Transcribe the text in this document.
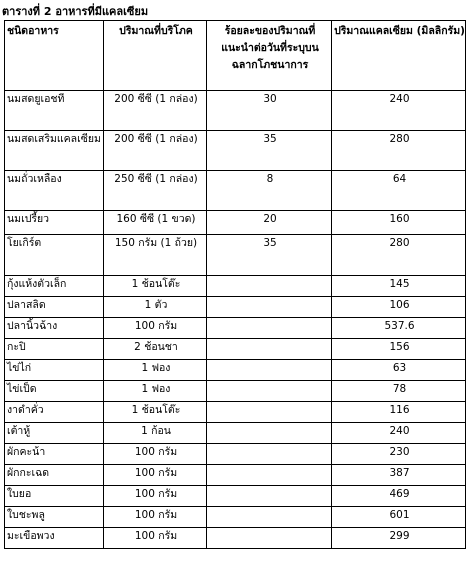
ตารางที่ 2 อาหารที่มีแคลเซียม
ชนิดอาหาร	ปริมาณที่บริโภค	ร้อยละของปริมาณที่แนะนำต่อวันที่ระบุบนฉลากโภชนาการ	ปริมาณแคลเซียม (มิลลิกรัม)
นมสดยูเอชที	200 ซีซี (1 กล่อง)	30	240
นมสดเสริมแคลเซียม	200 ซีซี (1 กล่อง)	35	280
นมถั่วเหลือง	250 ซีซี (1 กล่อง)	8	64
นมเปรี้ยว	160 ซีซี (1 ขวด)	20	160
โยเกิร์ต	150 กรัม (1 ถ้วย)	35	280
กุ้งแห้งตัวเล็ก	1 ช้อนโต๊ะ		145
ปลาสลิด	1 ตัว		106
ปลานิ้วฉ้าง	100 กรัม		537.6
กะปิ	2 ช้อนชา		156
ไข่ไก่	1 ฟอง		63
ไข่เป็ด	1 ฟอง		78
งาดำคั่ว	1 ช้อนโต๊ะ		116
เต้าหู้	1 ก้อน		240
ผักคะน้า	100 กรัม		230
ผักกะเฉด	100 กรัม		387
ใบยอ	100 กรัม		469
ใบชะพลู	100 กรัม		601
มะเขือพวง	100 กรัม		299
